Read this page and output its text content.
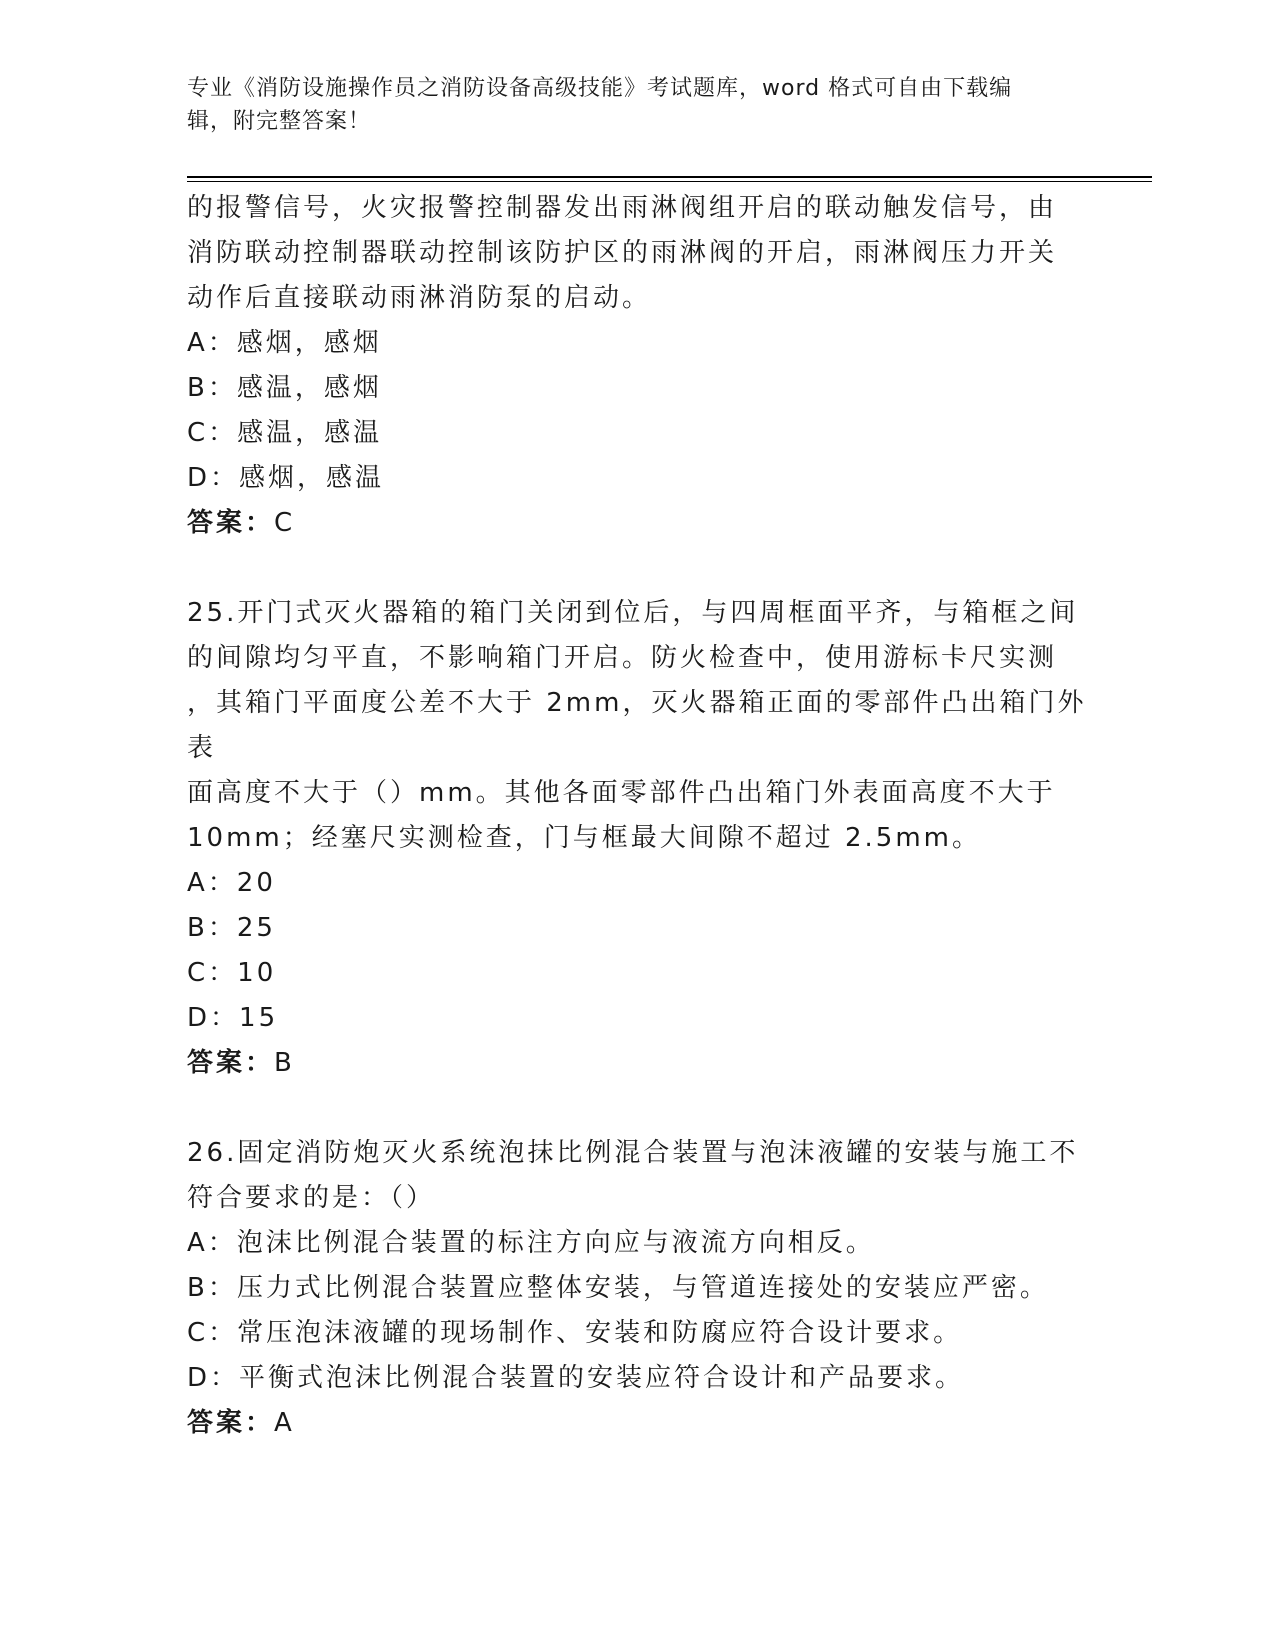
专业《消防设施操作员之消防设备高级技能》考试题库，word 格式可自由下载编
辑，附完整答案！

的报警信号，火灾报警控制器发出雨淋阀组开启的联动触发信号，由

消防联动控制器联动控制该防护区的雨淋阀的开启，雨淋阀压力开关

动作后直接联动雨淋消防泵的启动。

A：感烟，感烟

B：感温，感烟

C：感温，感温

D：感烟，感温

答案：C

25.开门式灭火器箱的箱门关闭到位后，与四周框面平齐，与箱框之间

的间隙均匀平直，不影响箱门开启。防火检查中，使用游标卡尺实测

，其箱门平面度公差不大于 2mm，灭火器箱正面的零部件凸出箱门外表

面高度不大于（）mm。其他各面零部件凸出箱门外表面高度不大于

10mm；经塞尺实测检查，门与框最大间隙不超过 2.5mm。

A：20

B：25

C：10

D：15

答案：B

26.固定消防炮灭火系统泡抹比例混合装置与泡沫液罐的安装与施工不

符合要求的是：（）

A：泡沫比例混合装置的标注方向应与液流方向相反。

B：压力式比例混合装置应整体安装，与管道连接处的安装应严密。

C：常压泡沫液罐的现场制作、安装和防腐应符合设计要求。

D：平衡式泡沫比例混合装置的安装应符合设计和产品要求。

答案：A
